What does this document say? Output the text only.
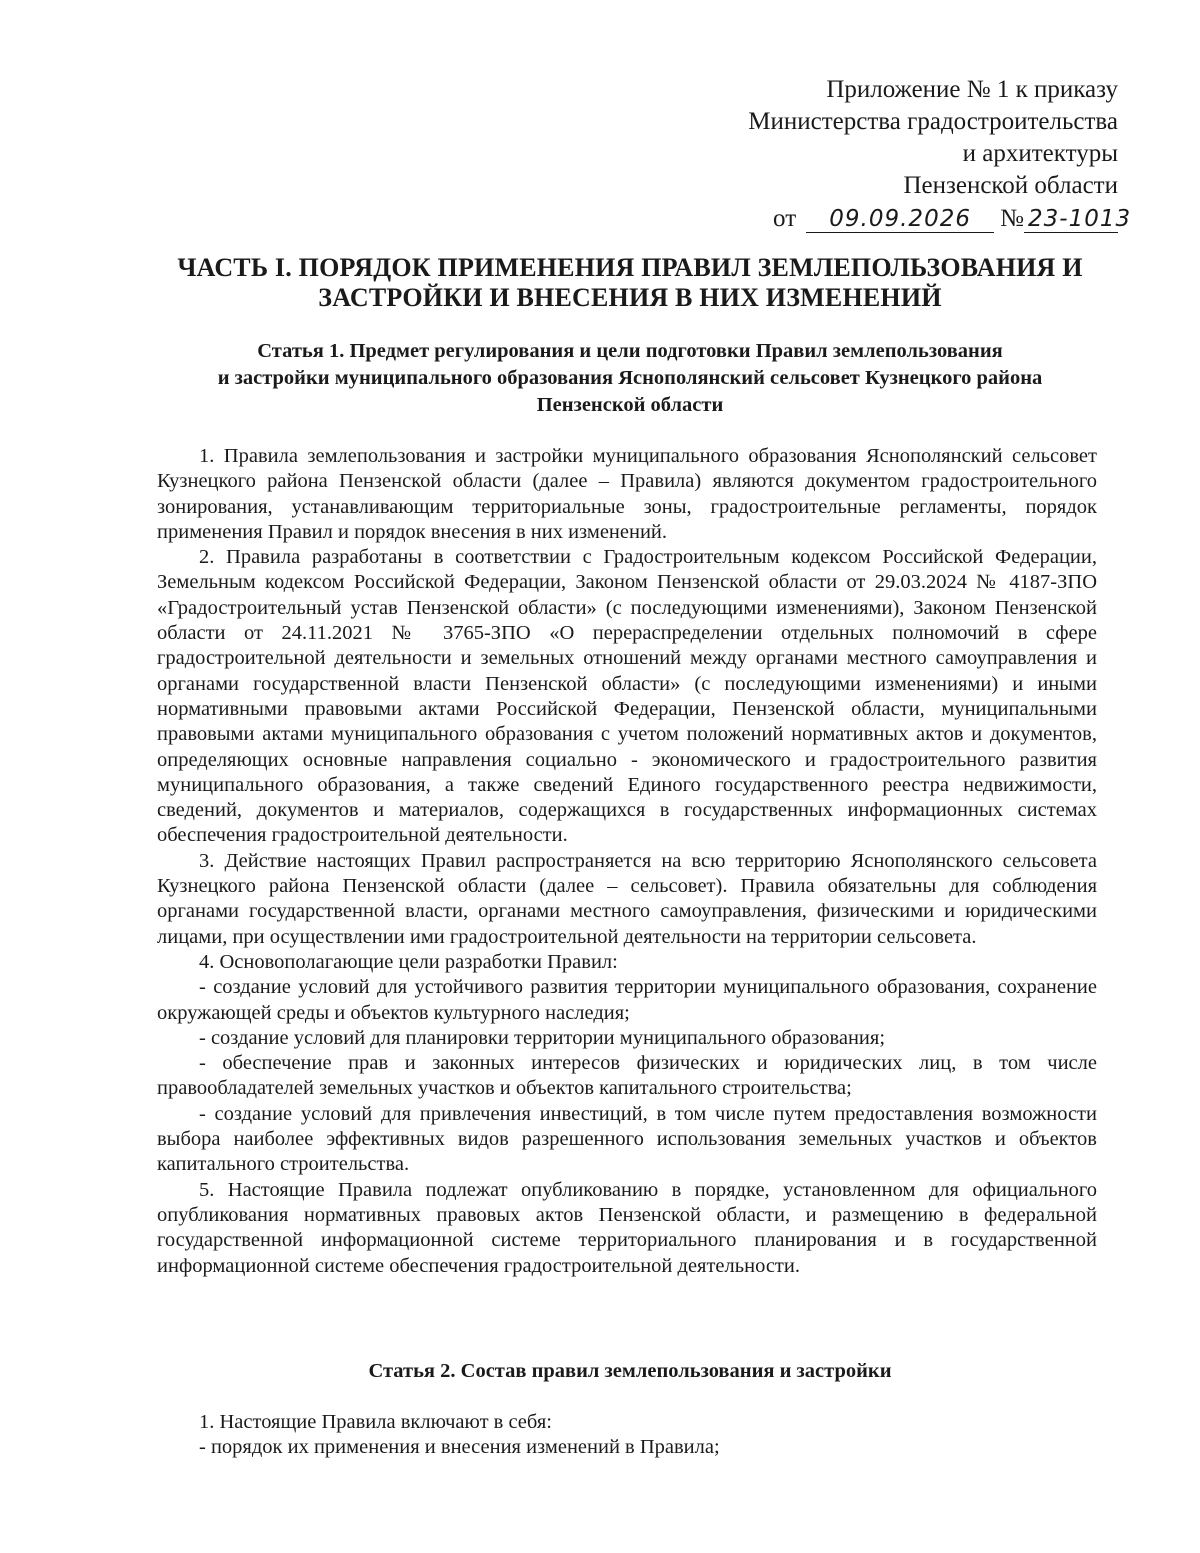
Приложение № 1 к приказу
Министерства градостроительства
и архитектуры
Пензенской области
от 09.09.2026 № 23-1013
ЧАСТЬ I. ПОРЯДОК ПРИМЕНЕНИЯ ПРАВИЛ ЗЕМЛЕПОЛЬЗОВАНИЯ И
ЗАСТРОЙКИ И ВНЕСЕНИЯ В НИХ ИЗМЕНЕНИЙ
Статья 1. Предмет регулирования и цели подготовки Правил землепользования
и застройки муниципального образования Яснополянский сельсовет Кузнецкого района
Пензенской области

1. Правила землепользования и застройки муниципального образования Яснополянский сельсовет Кузнецкого района Пензенской области (далее – Правила) являются документом градостроительного зонирования, устанавливающим территориальные зоны, градостроительные регламенты, порядок применения Правил и порядок внесения в них изменений.

2. Правила разработаны в соответствии с Градостроительным кодексом Российской Федерации, Земельным кодексом Российской Федерации, Законом Пензенской области от 29.03.2024 № 4187-ЗПО «Градостроительный устав Пензенской области» (с последующими изменениями), Законом Пензенской области от 24.11.2021 № 3765-ЗПО «О перераспределении отдельных полномочий в сфере градостроительной деятельности и земельных отношений между органами местного самоуправления и органами государственной власти Пензенской области» (с последующими изменениями) и иными нормативными правовыми актами Российской Федерации, Пензенской области, муниципальными правовыми актами муниципального образования с учетом положений нормативных актов и документов, определяющих основные направления социально - экономического и градостроительного развития муниципального образования, а также сведений Единого государственного реестра недвижимости, сведений, документов и материалов, содержащихся в государственных информационных системах обеспечения градостроительной деятельности.

3. Действие настоящих Правил распространяется на всю территорию Яснополянского сельсовета Кузнецкого района Пензенской области (далее – сельсовет). Правила обязательны для соблюдения органами государственной власти, органами местного самоуправления, физическими и юридическими лицами, при осуществлении ими градостроительной деятельности на территории сельсовета.

4. Основополагающие цели разработки Правил:

- создание условий для устойчивого развития территории муниципального образования, сохранение окружающей среды и объектов культурного наследия;

- создание условий для планировки территории муниципального образования;

- обеспечение прав и законных интересов физических и юридических лиц, в том числе правообладателей земельных участков и объектов капитального строительства;

- создание условий для привлечения инвестиций, в том числе путем предоставления возможности выбора наиболее эффективных видов разрешенного использования земельных участков и объектов капитального строительства.

5. Настоящие Правила подлежат опубликованию в порядке, установленном для официального опубликования нормативных правовых актов Пензенской области, и размещению в федеральной государственной информационной системе территориального планирования и в государственной информационной системе обеспечения градостроительной деятельности.

Статья 2. Состав правил землепользования и застройки

1. Настоящие Правила включают в себя:

- порядок их применения и внесения изменений в Правила;
